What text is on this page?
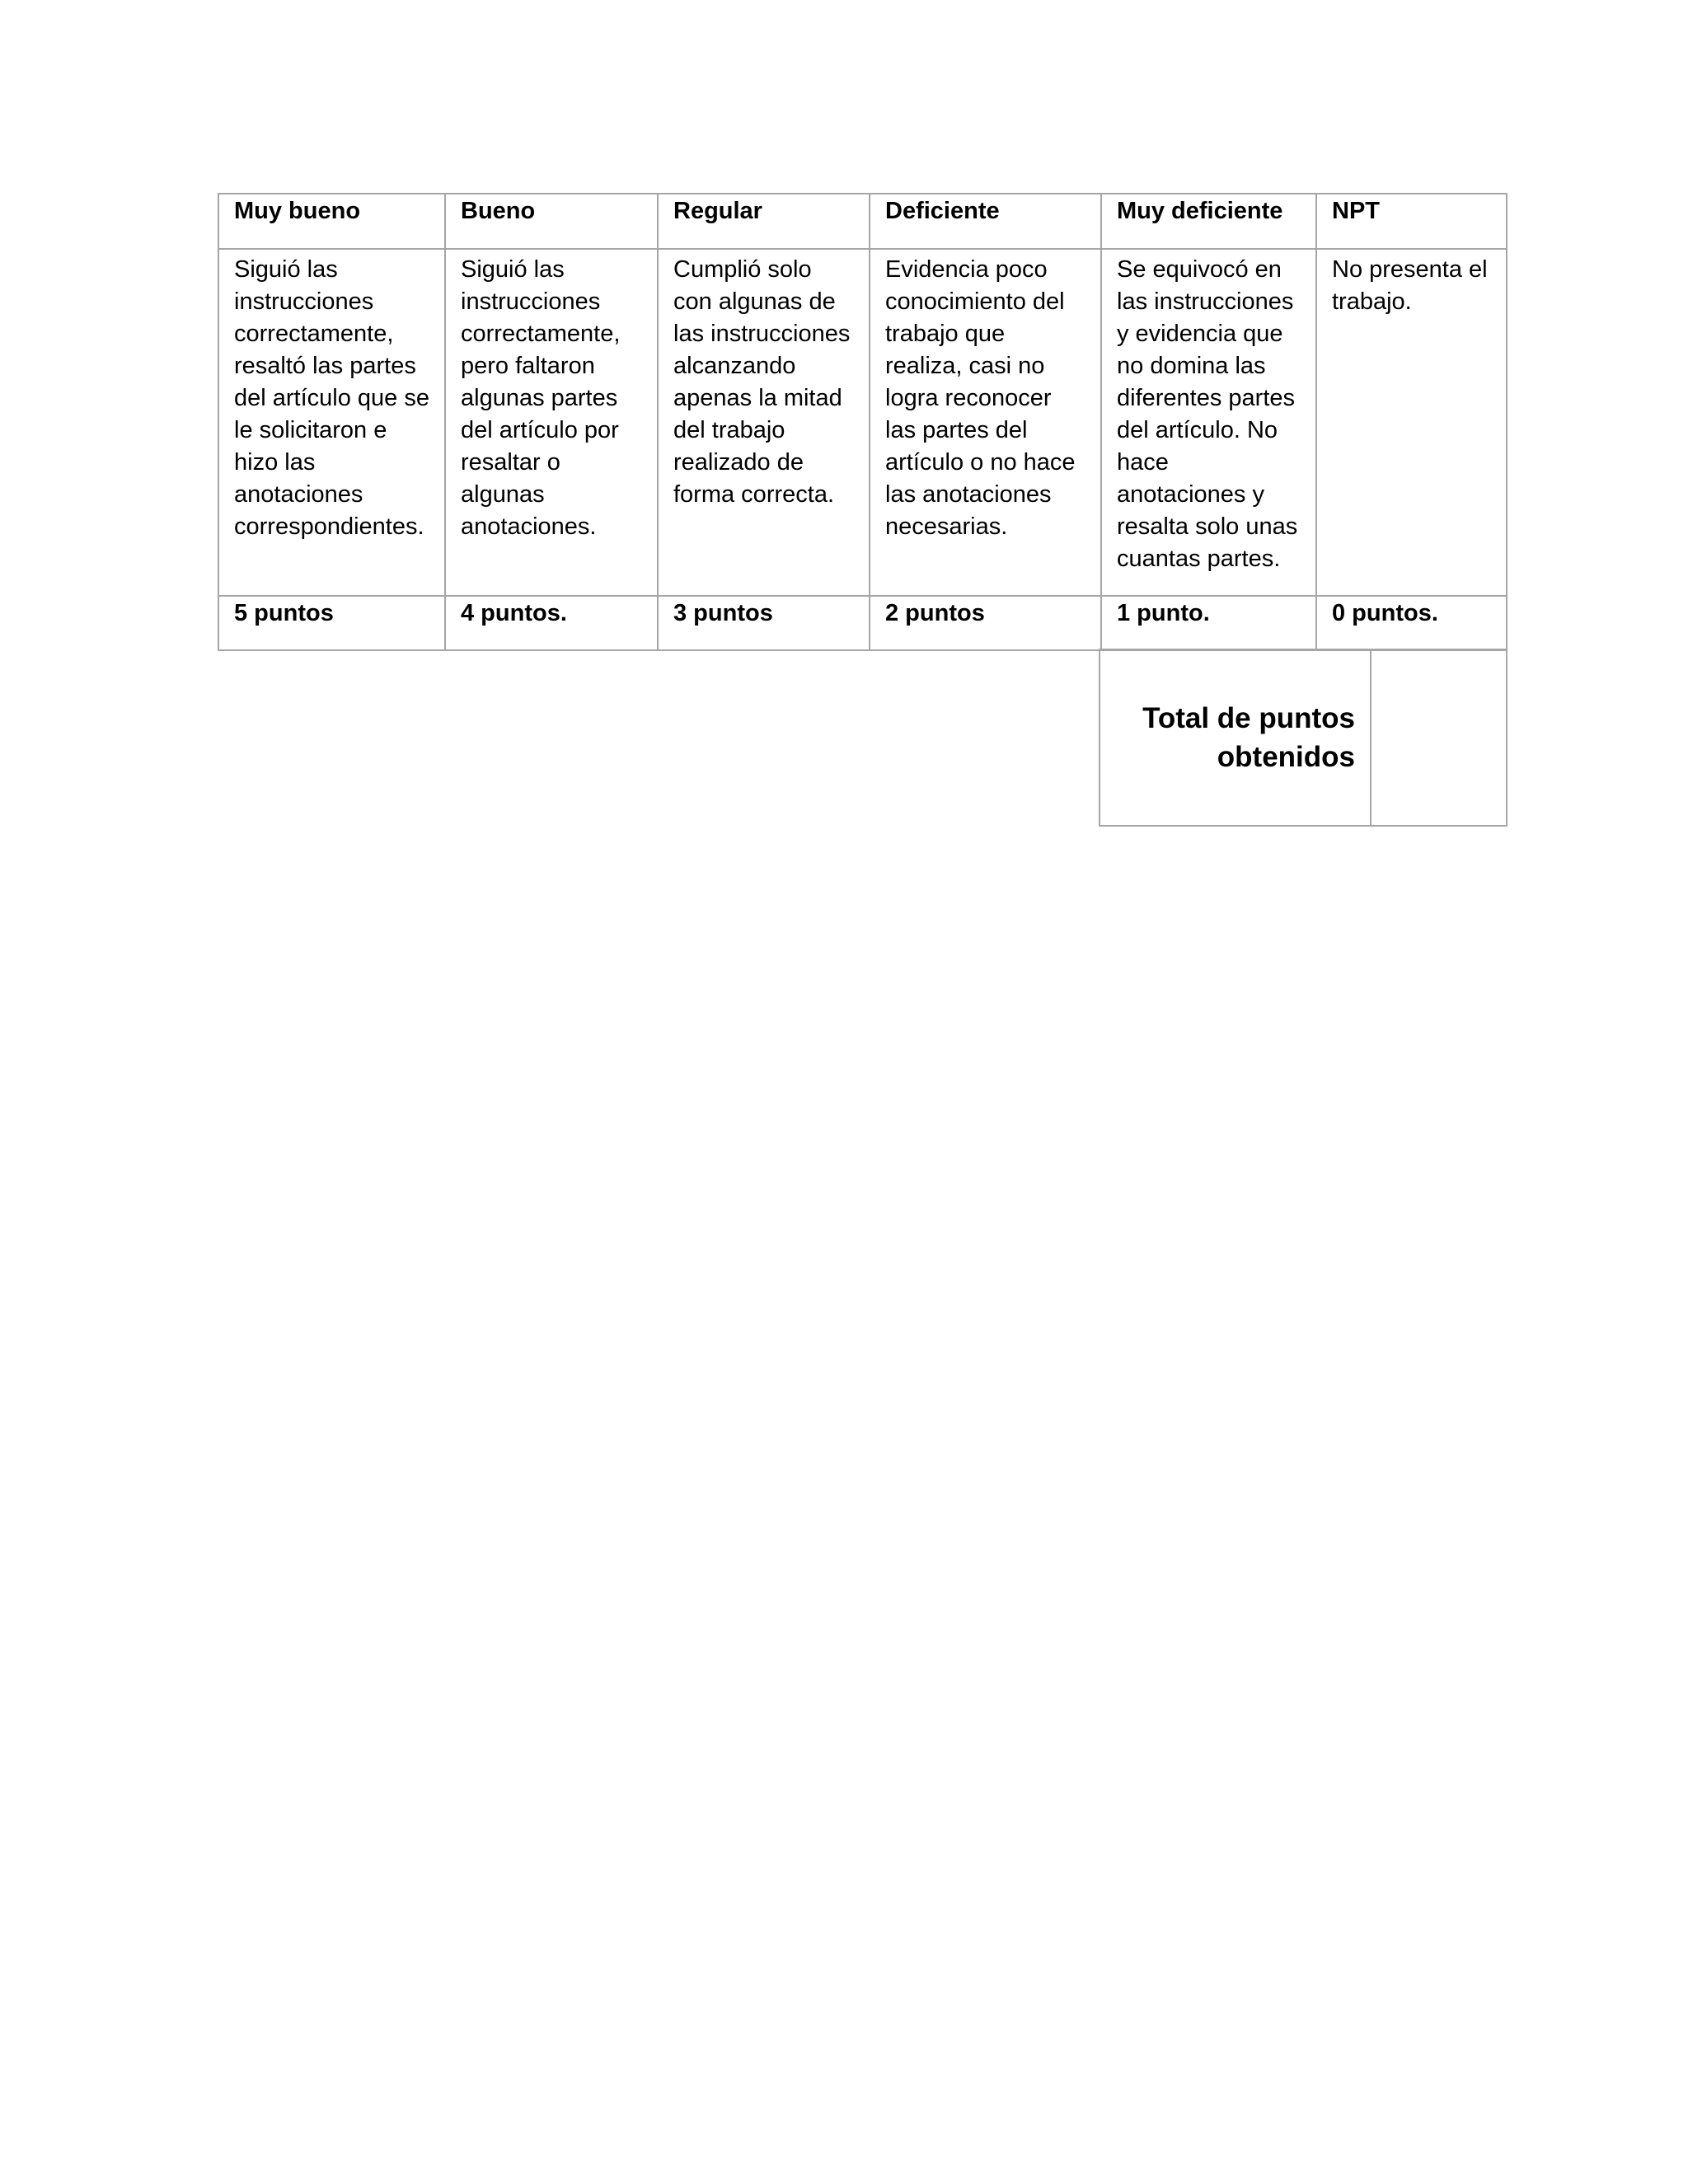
Muy bueno	Bueno	Regular	Deficiente	Muy deficiente	NPT
Siguió las instrucciones correctamente, resaltó las partes del artículo que se le solicitaron e hizo las anotaciones correspondientes.	Siguió las instrucciones correctamente, pero faltaron algunas partes del artículo por resaltar o algunas anotaciones.	Cumplió solo con algunas de las instrucciones alcanzando apenas la mitad del trabajo realizado de forma correcta.	Evidencia poco conocimiento del trabajo que realiza, casi no logra reconocer las partes del artículo o no hace las anotaciones necesarias.	Se equivocó en las instrucciones y evidencia que no domina las diferentes partes del artículo. No hace anotaciones y resalta solo unas cuantas partes.	No presenta el trabajo.
5 puntos	4 puntos.	3 puntos	2 puntos	1 punto.	0 puntos.
Total de puntos obtenidos	
